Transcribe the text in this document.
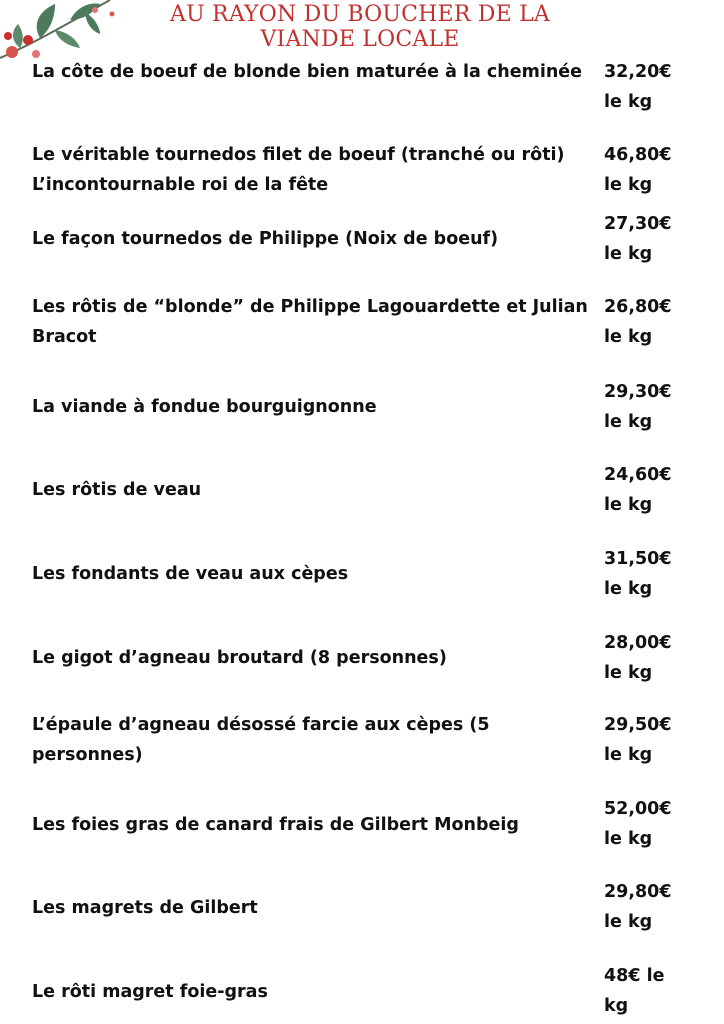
AU RAYON DU BOUCHER DE LA
VIANDE LOCALE
La côte de boeuf de blonde bien maturée à la cheminée	32,20€ le kg
Le véritable tournedos filet de boeuf (tranché ou rôti) L’incontournable roi de la fête
46,80€ le kg
Le façon tournedos de Philippe (Noix de boeuf)
27,30€ le kg
Les rôtis de “blonde” de Philippe Lagouardette et Julian Bracot
26,80€ le kg
La viande à fondue bourguignonne
29,30€ le kg
Les rôtis de veau
24,60€ le kg
Les fondants de veau aux cèpes
31,50€ le kg
Le gigot d’agneau broutard (8 personnes)
28,00€ le kg
L’épaule d’agneau désossé farcie aux cèpes (5 personnes)
29,50€ le kg
Les foies gras de canard frais de Gilbert Monbeig
52,00€ le kg
Les magrets de Gilbert
29,80€ le kg
Le rôti magret foie-gras
48€ le kg
